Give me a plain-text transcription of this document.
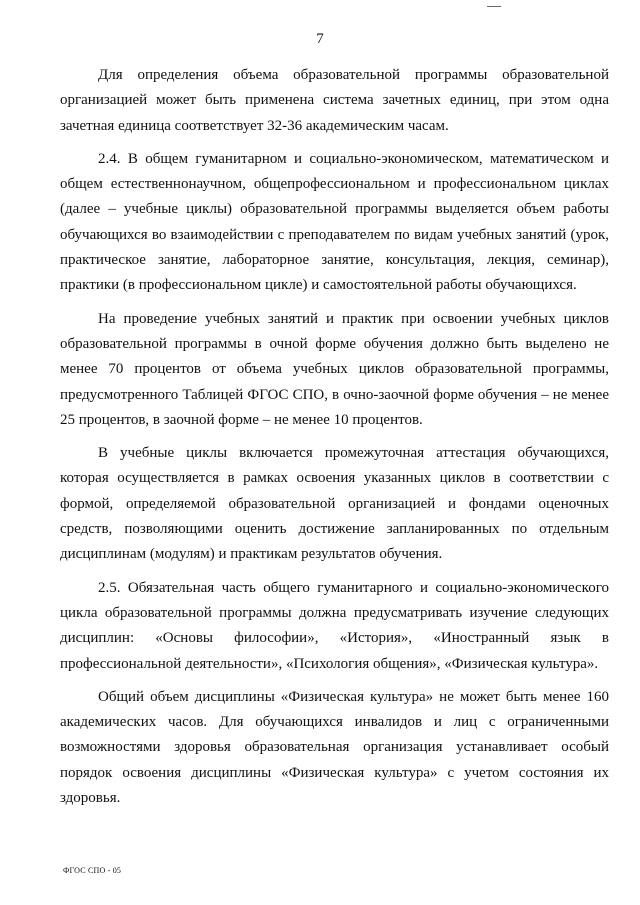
7

Для определения объема образовательной программы образовательной организацией может быть применена система зачетных единиц, при этом одна зачетная единица соответствует 32-36 академическим часам.

2.4. В общем гуманитарном и социально-экономическом, математическом и общем естественнонаучном, общепрофессиональном и профессиональном циклах (далее – учебные циклы) образовательной программы выделяется объем работы обучающихся во взаимодействии с преподавателем по видам учебных занятий (урок, практическое занятие, лабораторное занятие, консультация, лекция, семинар), практики (в профессиональном цикле) и самостоятельной работы обучающихся.

На проведение учебных занятий и практик при освоении учебных циклов образовательной программы в очной форме обучения должно быть выделено не менее 70 процентов от объема учебных циклов образовательной программы, предусмотренного Таблицей ФГОС СПО, в очно-заочной форме обучения – не менее 25 процентов, в заочной форме – не менее 10 процентов.

В учебные циклы включается промежуточная аттестация обучающихся, которая осуществляется в рамках освоения указанных циклов в соответствии с формой, определяемой образовательной организацией и фондами оценочных средств, позволяющими оценить достижение запланированных по отдельным дисциплинам (модулям) и практикам результатов обучения.

2.5. Обязательная часть общего гуманитарного и социально-экономического цикла образовательной программы должна предусматривать изучение следующих дисциплин: «Основы философии», «История», «Иностранный язык в профессиональной деятельности», «Психология общения», «Физическая культура».

Общий объем дисциплины «Физическая культура» не может быть менее 160 академических часов. Для обучающихся инвалидов и лиц с ограниченными возможностями здоровья образовательная организация устанавливает особый порядок освоения дисциплины «Физическая культура» с учетом состояния их здоровья.

ФГОС СПО - 05
